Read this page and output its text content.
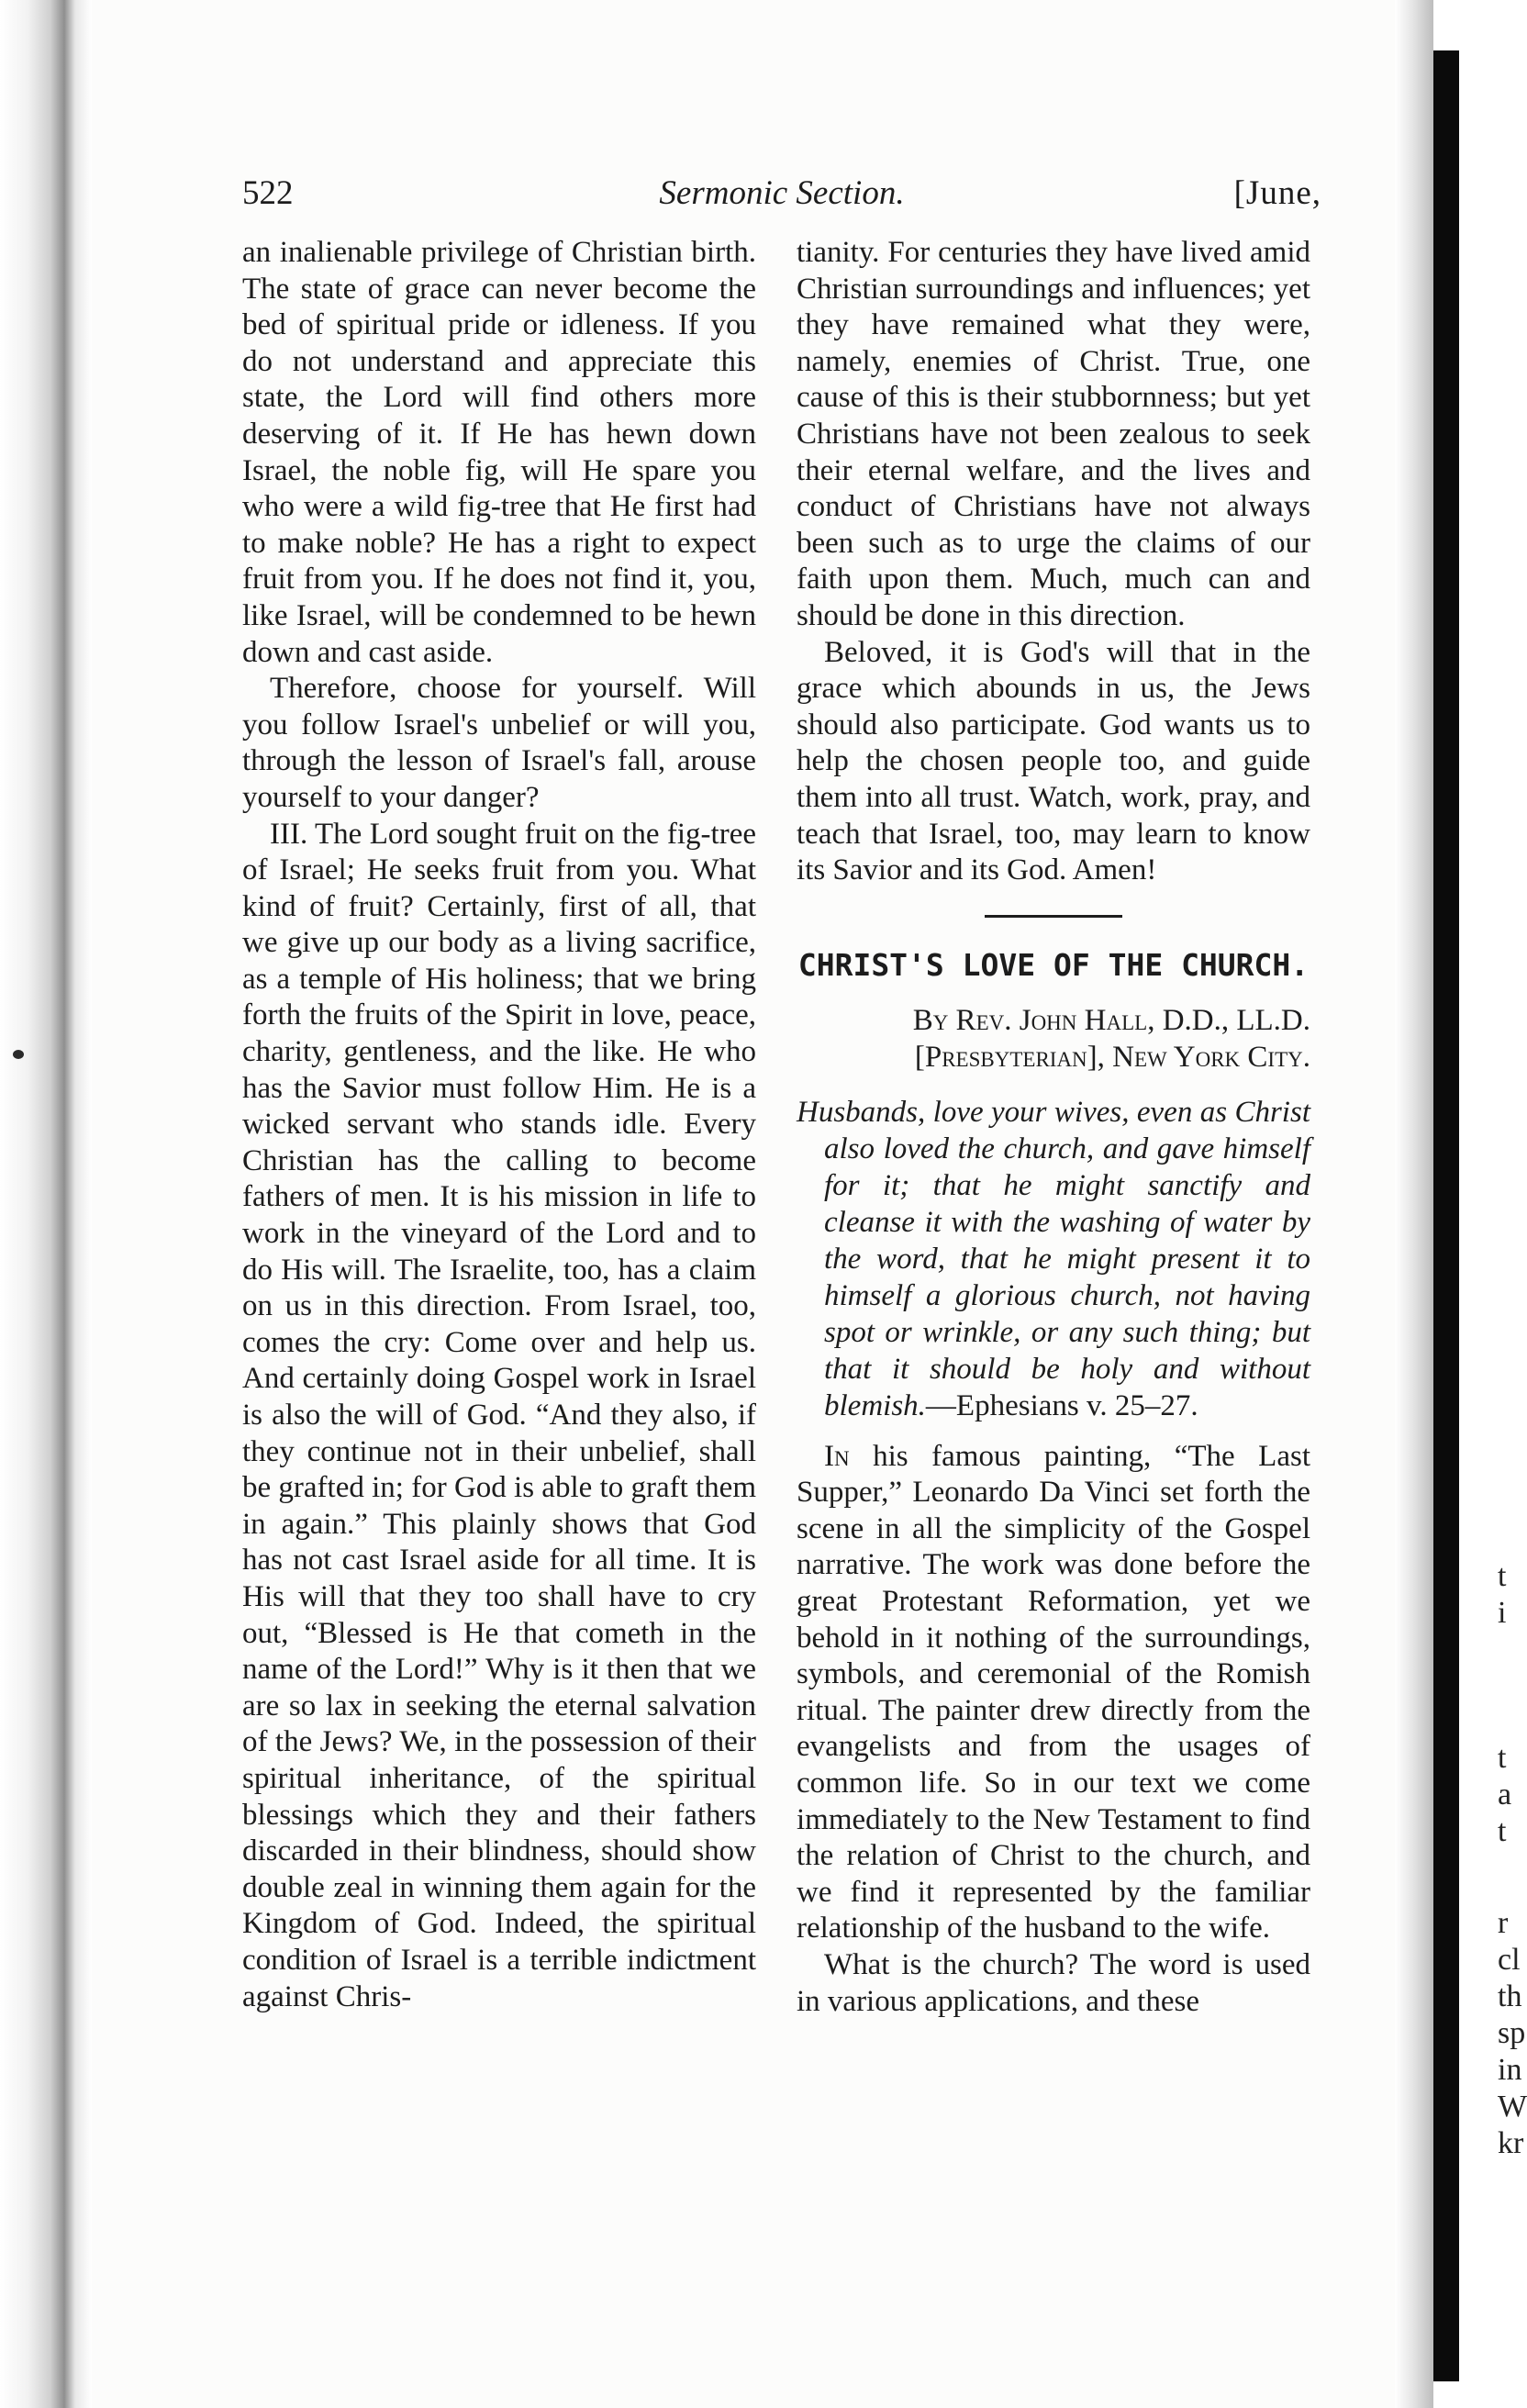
t
i
t
a
t
r
cl
th
sp
in
W
kr
Sermonic Section.
522	[June,

an inalienable privilege of Christian birth. The state of grace can never become the bed of spiritual pride or idleness. If you do not understand and appreciate this state, the Lord will find others more deserving of it. If He has hewn down Israel, the noble fig, will He spare you who were a wild fig-tree that He first had to make noble? He has a right to expect fruit from you. If he does not find it, you, like Israel, will be condemned to be hewn down and cast aside.

Therefore, choose for yourself. Will you follow Israel's unbelief or will you, through the lesson of Israel's fall, arouse yourself to your danger?

III. The Lord sought fruit on the fig-tree of Israel; He seeks fruit from you. What kind of fruit? Certainly, first of all, that we give up our body as a living sacrifice, as a temple of His holiness; that we bring forth the fruits of the Spirit in love, peace, charity, gentleness, and the like. He who has the Savior must follow Him. He is a wicked servant who stands idle. Every Christian has the calling to become fathers of men. It is his mission in life to work in the vineyard of the Lord and to do His will. The Israelite, too, has a claim on us in this direction. From Israel, too, comes the cry: Come over and help us. And certainly doing Gospel work in Israel is also the will of God. “And they also, if they continue not in their unbelief, shall be grafted in; for God is able to graft them in again.” This plainly shows that God has not cast Israel aside for all time. It is His will that they too shall have to cry out, “Blessed is He that cometh in the name of the Lord!” Why is it then that we are so lax in seeking the eternal salvation of the Jews? We, in the possession of their spiritual inheritance, of the spiritual blessings which they and their fathers discarded in their blindness, should show double zeal in winning them again for the Kingdom of God. Indeed, the spiritual condition of Israel is a terrible indictment against Chris-

tianity. For centuries they have lived amid Christian surroundings and influences; yet they have remained what they were, namely, enemies of Christ. True, one cause of this is their stubbornness; but yet Christians have not been zealous to seek their eternal welfare, and the lives and conduct of Christians have not always been such as to urge the claims of our faith upon them. Much, much can and should be done in this direction.

Beloved, it is God's will that in the grace which abounds in us, the Jews should also participate. God wants us to help the chosen people too, and guide them into all trust. Watch, work, pray, and teach that Israel, too, may learn to know its Savior and its God. Amen!

CHRIST'S LOVE OF THE CHURCH.

By Rev. John Hall, D.D., LL.D.

[Presbyterian], New York City.

Husbands, love your wives, even as Christ also loved the church, and gave himself for it; that he might sanctify and cleanse it with the washing of water by the word, that he might present it to himself a glorious church, not having spot or wrinkle, or any such thing; but that it should be holy and without blemish.—Ephesians v. 25–27.

In his famous painting, “The Last Supper,” Leonardo Da Vinci set forth the scene in all the simplicity of the Gospel narrative. The work was done before the great Protestant Reformation, yet we behold in it nothing of the surroundings, symbols, and ceremonial of the Romish ritual. The painter drew directly from the evangelists and from the usages of common life. So in our text we come immediately to the New Testament to find the relation of Christ to the church, and we find it represented by the familiar relationship of the husband to the wife.

What is the church? The word is used in various applications, and these
